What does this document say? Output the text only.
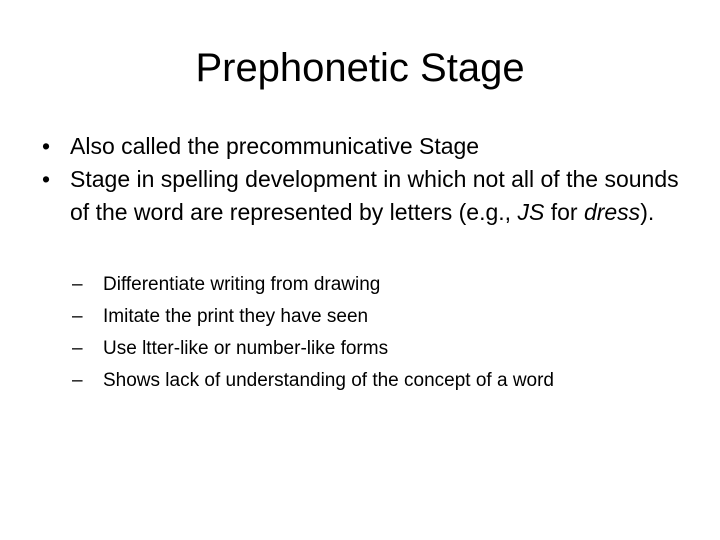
Prephonetic Stage
• Also called the precommunicative Stage
• Stage in spelling development in which not all of the sounds of the word are represented by letters (e.g., JS for dress).
– Differentiate writing from drawing
– Imitate the print they have seen
– Use ltter-like or number-like forms
– Shows lack of understanding of the concept of a word
